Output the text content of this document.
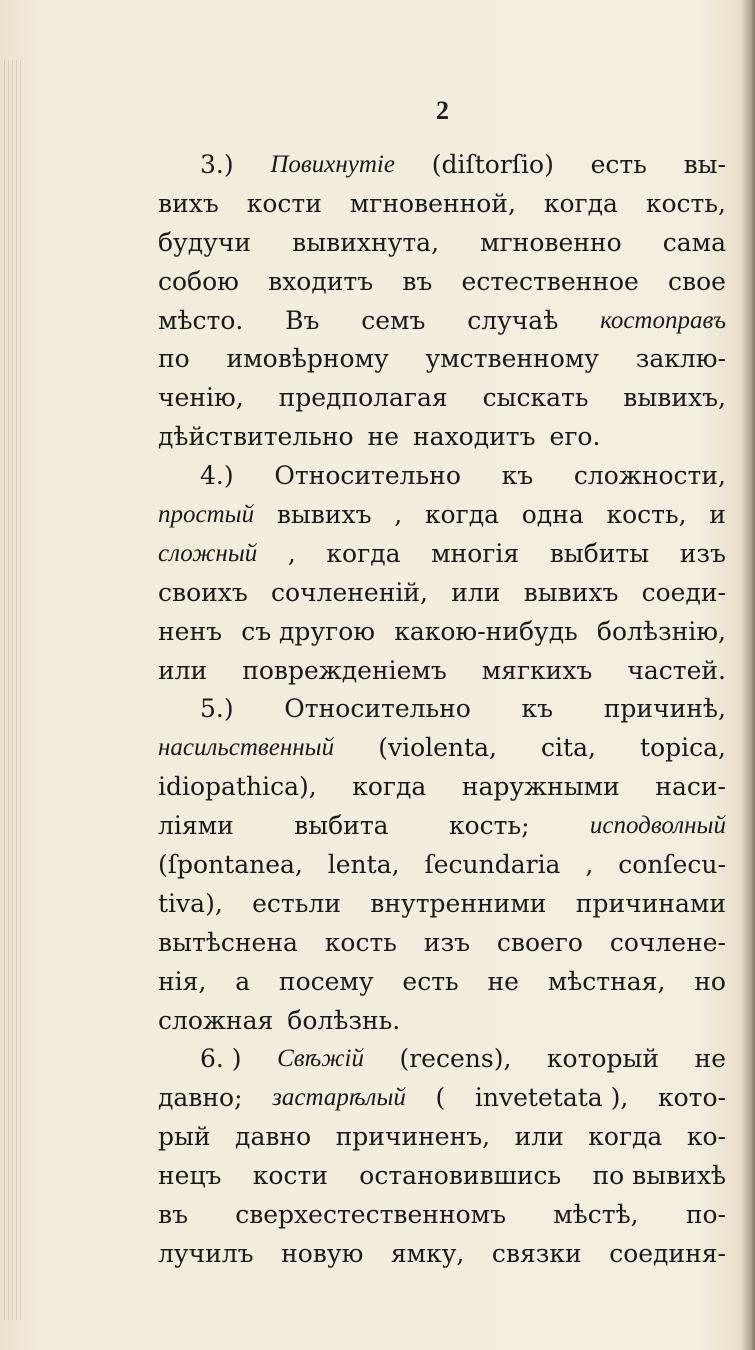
2
3.) Повихнутіе (diſtorſio) есть вы-
вихъ кости мгновенной, когда кость,
будучи вывихнута, мгновенно сама
собою входитъ въ естественное свое
мѣсто. Въ семъ случаѣ костоправъ
по имовѣрному умственному заклю-
ченію, предполагая сыскать вывихъ,
дѣйствительно не находитъ его.
4.) Относительно къ сложности,
простый вывихъ , когда одна кость, и
сложный , когда многія выбиты изъ
своихъ сочлененій, или вывихъ соеди-
ненъ съ другою какою-нибудь болѣзнію,
или поврежденіемъ мягкихъ частей.
5.) Относительно къ причинѣ,
насильственный (violenta, cita, topica,
idiopathica), когда наружными наси-
ліями выбита кость; исподволный
(ſpontanea, lenta, ſecundaria , conſecu-
tiva), естьли внутренними причинами
вытѣснена кость изъ своего сочлене-
нія, а посему есть не мѣстная, но
сложная болѣзнь.
6. ) Свѣжій (recens), который не
давно; застарѣлый ( invetetata ), кото-
рый давно причиненъ, или когда ко-
нецъ кости остановившись по вывихѣ
въ сверхестественномъ мѣстѣ, по-
лучилъ новую ямку, связки соединя-
